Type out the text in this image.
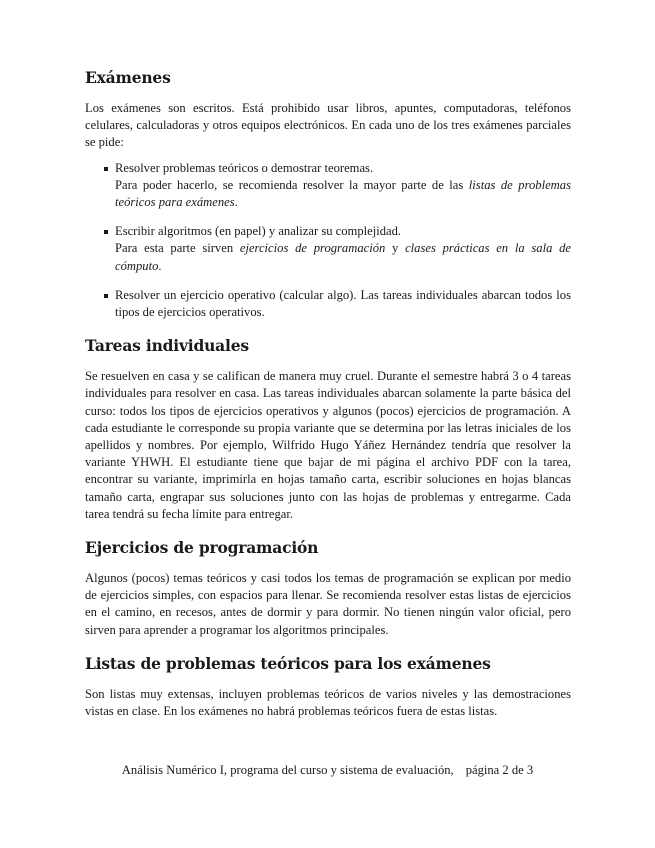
Exámenes

Los exámenes son escritos. Está prohibido usar libros, apuntes, computadoras, teléfonos celulares, calculadoras y otros equipos electrónicos. En cada uno de los tres exámenes parciales se pide:

Resolver problemas teóricos o demostrar teoremas.
Para poder hacerlo, se recomienda resolver la mayor parte de las listas de problemas teóricos para exámenes.
Escribir algoritmos (en papel) y analizar su complejidad.
Para esta parte sirven ejercicios de programación y clases prácticas en la sala de cómputo.
Resolver un ejercicio operativo (calcular algo). Las tareas individuales abarcan todos los tipos de ejercicios operativos.
Tareas individuales

Se resuelven en casa y se califican de manera muy cruel. Durante el semestre habrá 3 o 4 tareas individuales para resolver en casa. Las tareas individuales abarcan solamente la parte básica del curso: todos los tipos de ejercicios operativos y algunos (pocos) ejercicios de programación. A cada estudiante le corresponde su propia variante que se determina por las letras iniciales de los apellidos y nombres. Por ejemplo, Wilfrido Hugo Yáñez Hernández tendría que resolver la variante YHWH. El estudiante tiene que bajar de mi página el archivo PDF con la tarea, encontrar su variante, imprimirla en hojas tamaño carta, escribir soluciones en hojas blancas tamaño carta, engrapar sus soluciones junto con las hojas de problemas y entregarme. Cada tarea tendrá su fecha límite para entregar.

Ejercicios de programación

Algunos (pocos) temas teóricos y casi todos los temas de programación se explican por medio de ejercicios simples, con espacios para llenar. Se recomienda resolver estas listas de ejercicios en el camino, en recesos, antes de dormir y para dormir. No tienen ningún valor oficial, pero sirven para aprender a programar los algoritmos principales.

Listas de problemas teóricos para los exámenes

Son listas muy extensas, incluyen problemas teóricos de varios niveles y las demostraciones vistas en clase. En los exámenes no habrá problemas teóricos fuera de estas listas.

Análisis Numérico I, programa del curso y sistema de evaluación, página 2 de 3
